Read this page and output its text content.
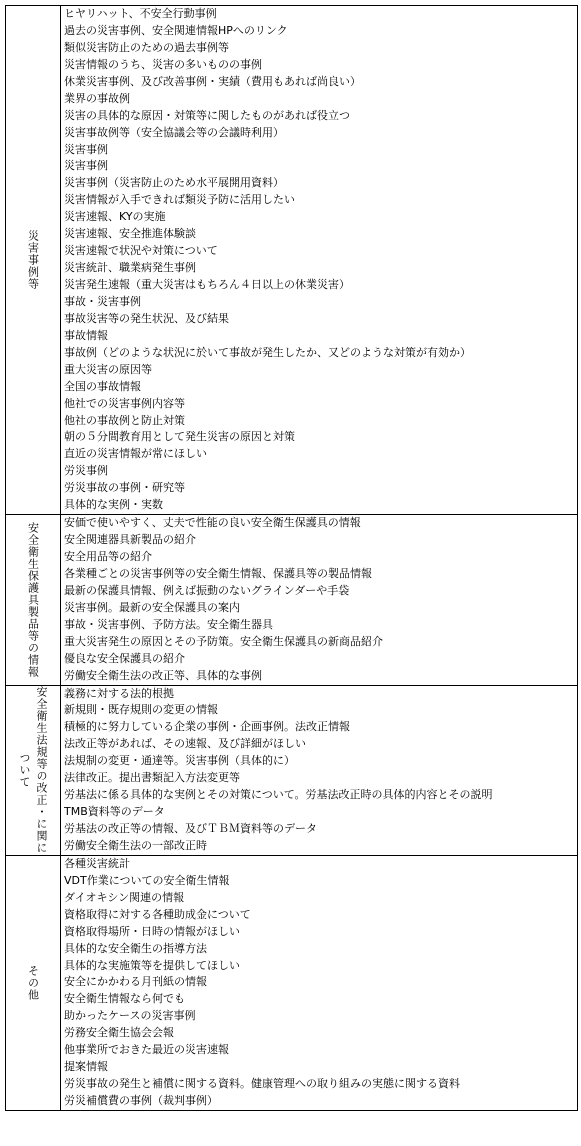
災害事例等
ヒヤリハット、不安全行動事例
過去の災害事例、安全関連情報HPへのリンク
類似災害防止のための過去事例等
災害情報のうち、災害の多いものの事例
休業災害事例、及び改善事例・実績（費用もあれば尚良い）
業界の事故例
災害の具体的な原因・対策等に関したものがあれば役立つ
災害事故例等（安全協議会等の会議時利用）
災害事例
災害事例
災害事例（災害防止のため水平展開用資料）
災害情報が入手できれば類災予防に活用したい
災害速報、KYの実施
災害速報、安全推進体験談
災害速報で状況や対策について
災害統計、職業病発生事例
災害発生速報（重大災害はもちろん４日以上の休業災害）
事故・災害事例
事故災害等の発生状況、及び結果
事故情報
事故例（どのような状況に於いて事故が発生したか、又どのような対策が有効か）
重大災害の原因等
全国の事故情報
他社での災害事例内容等
他社の事故例と防止対策
朝の５分間教育用として発生災害の原因と対策
直近の災害情報が常にほしい
労災事例
労災事故の事例・研究等
具体的な実例・実数
安全衛生保護具製品等の情報 安価で使いやすく、丈夫で性能の良い安全衛生保護具の情報
安全関連器具新製品の紹介
安全用品等の紹介
各業種ごとの災害事例等の安全衛生情報、保護具等の製品情報
最新の保護具情報、例えば振動のないグラインダーや手袋
災害事例。最新の安全保護具の案内
事故・災害事例、予防方法。安全衛生器具
重大災害発生の原因とその予防策。安全衛生保護具の新商品紹介
優良な安全保護具の紹介
労働安全衛生法の改正等、具体的な事例
安全衛生法規等の改正・に関について
義務に対する法的根拠
新規則・既存規則の変更の情報
積極的に努力している企業の事例・企画事例。法改正情報
法改正等があれば、その速報、及び詳細がほしい
法規制の変更・通達等。災害事例（具体的に）
法律改正。提出書類記入方法変更等
労基法に係る具体的な実例とその対策について。労基法改正時の具体的内容とその説明
TMB資料等のデータ
労基法の改正等の情報、及びＴＢＭ資料等のデータ
労働安全衛生法の一部改正時
その他
各種災害統計
VDT作業についての安全衛生情報
ダイオキシン関連の情報
資格取得に対する各種助成金について
資格取得場所・日時の情報がほしい
具体的な安全衛生の指導方法
具体的な実施策等を提供してほしい
安全にかかわる月刊紙の情報
安全衛生情報なら何でも
助かったケースの災害事例
労務安全衛生協会会報
他事業所でおきた最近の災害速報
提案情報
労災事故の発生と補償に関する資料。健康管理への取り組みの実態に関する資料
労災補償費の事例（裁判事例）
